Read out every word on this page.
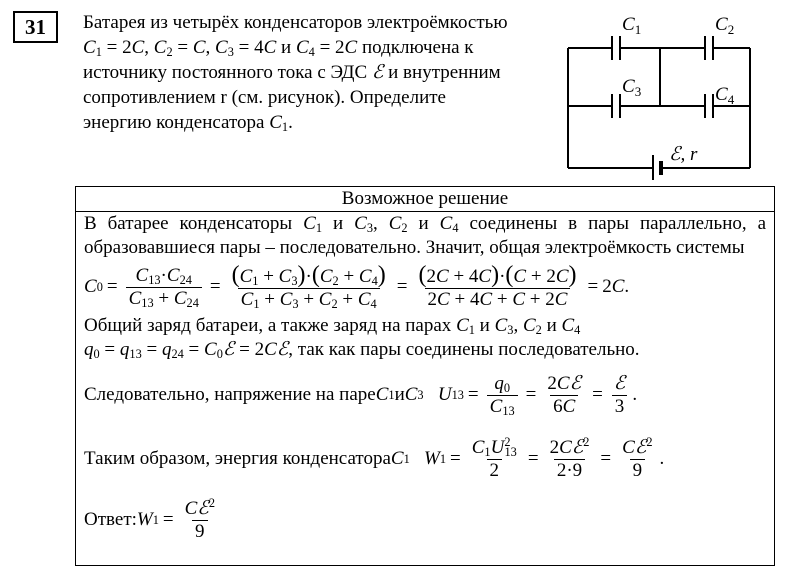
31	Батарея из четырёх конденсаторов электроёмкостью

$C_1 = 2C$, $C_2 = C$, $C_3 = 4C$ и $C_4 = 2C$ подключена к

источнику постоянного тока с ЭДС ℰ и внутренним

сопротивлением r (см. рисунок). Определите

энергию конденсатора $C_1$.

$C_1$	$C_2$
$C_3$	$C_4$
ℰ, r
Возможное решение

В батарее конденсаторы $C_1$ и $C_3$, $C_2$ и $C_4$ соединены в пары параллельно, а образовавшиеся пары – последовательно. Значит, общая электроёмкость системы

C $0 = \frac{C_{13}\cdot C_{24}}{C_{13} + C_{24}} = \frac{(C_1 + C_3)\cdot(C_2 + C_4)}{C_1 + C_3 + C_2 + C_4} = \frac{(2C + 4C)\cdot(C + 2C)}{2C + 4C + C + 2C} = 2$ C .

Общий заряд батареи, а также заряд на парах $C_1$ и $C_3$, $C_2$ и $C_4$
$q_0 = q_{13} = q_{24}$ = $C_0ℰ$ = 2Cℰ, так как пары соединены последовательно.

Следовательно, напряжение на паре C 1 и C 3
U $13 = \frac{q_0}{C_{13}} = \frac{\text{2Cℰ}}{6C} = \frac{\text{ℰ}}{3}$ .
Таким образом, энергия конденсатора C 1
W $1 = \frac{C_1U^2_{13}}{2} = \frac{2Cℰ^2}{2\cdot 9} = \frac{Cℰ^2}{9}$ .
Ответ: W $1 = \frac{Cℰ^2}{9}$
